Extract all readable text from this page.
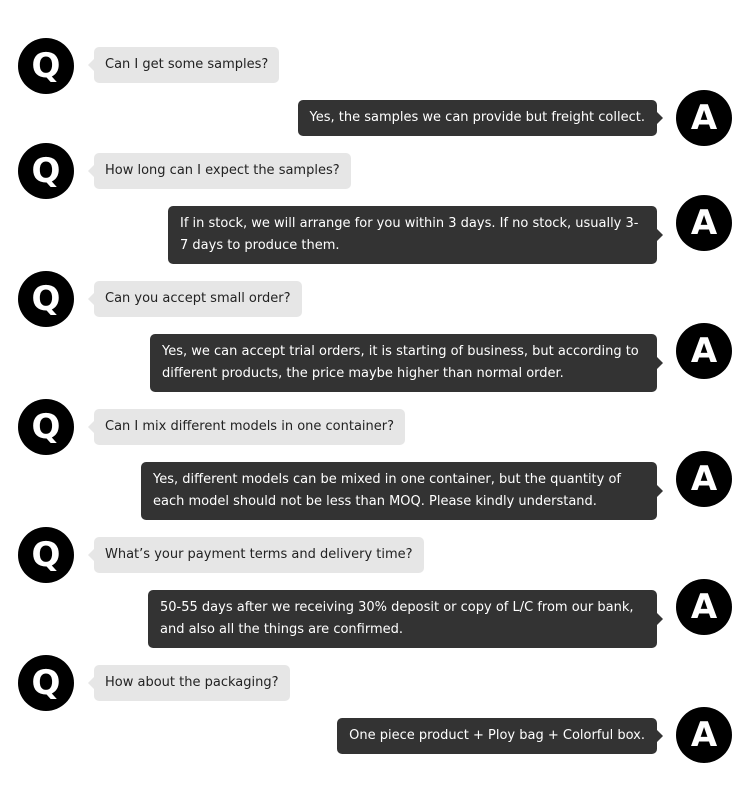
Q	Can I get some samples?
A
Yes, the samples we can provide but freight collect.
Q	How long can I expect the samples?
A
If in stock, we will arrange for you within 3 days. If no stock, usually 3-7 days to produce them.
Q	Can you accept small order?
A
Yes, we can accept trial orders, it is starting of business, but according to different products, the price maybe higher than normal order.
Q	Can I mix different models in one container?
A
Yes, different models can be mixed in one container, but the quantity of each model should not be less than MOQ. Please kindly understand.
Q	What’s your payment terms and delivery time?
A
50-55 days after we receiving 30% deposit or copy of L/C from our bank, and also all the things are confirmed.
Q	How about the packaging?
A
One piece product + Ploy bag + Colorful box.
